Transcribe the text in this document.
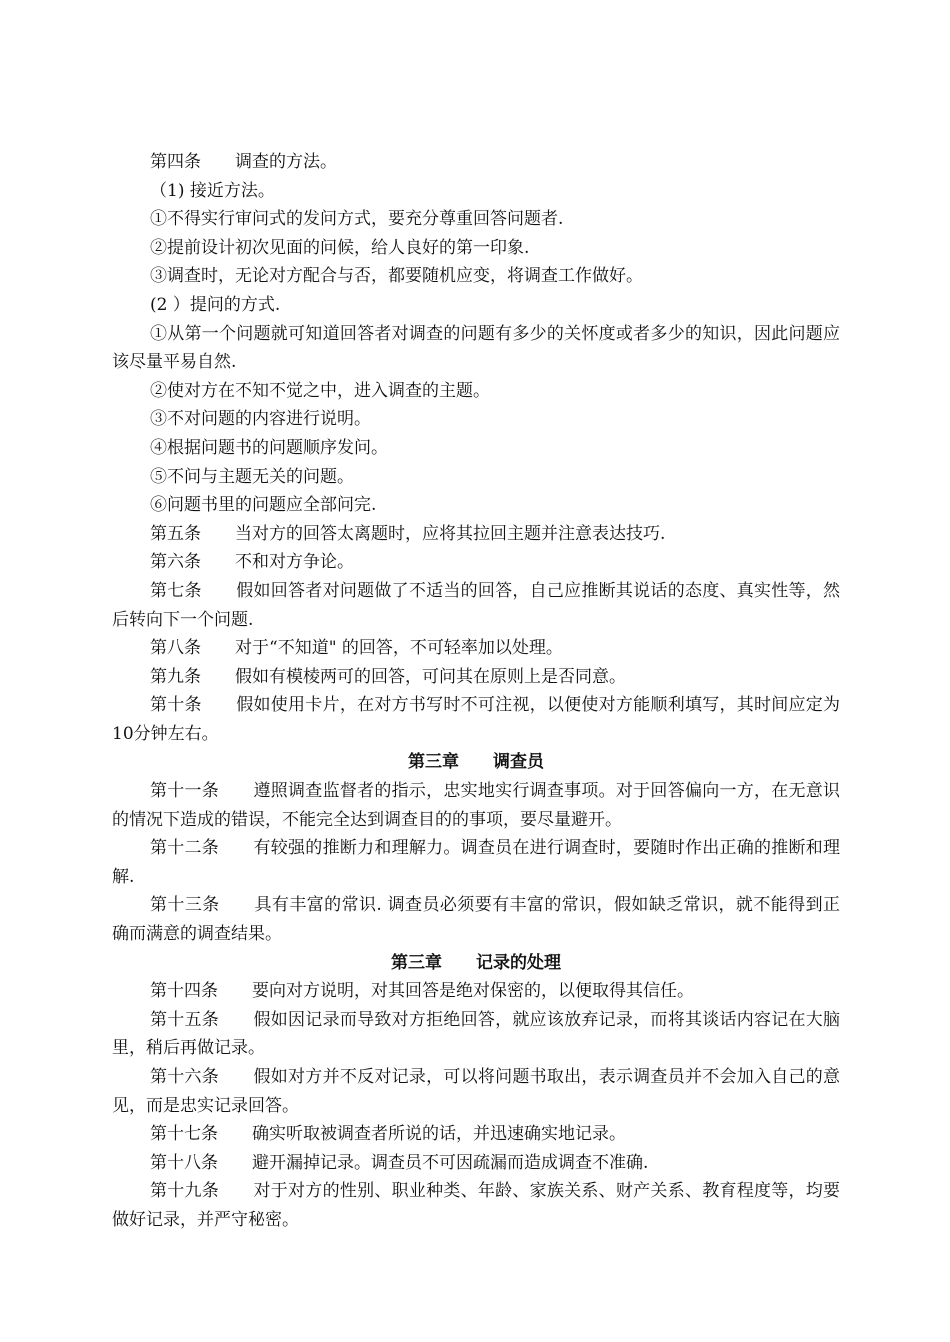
第四条　　调查的方法。

（1) 接近方法。

①不得实行审问式的发问方式，要充分尊重回答问题者.

②提前设计初次见面的问候，给人良好的第一印象.

③调查时，无论对方配合与否，都要随机应变，将调查工作做好。

(2 ）提问的方式.

①从第一个问题就可知道回答者对调查的问题有多少的关怀度或者多少的知识，因此问题应该尽量平易自然.

②使对方在不知不觉之中，进入调查的主题。

③不对问题的内容进行说明。

④根据问题书的问题顺序发问。

⑤不问与主题无关的问题。

⑥问题书里的问题应全部问完.

第五条　　当对方的回答太离题时，应将其拉回主题并注意表达技巧.

第六条　　不和对方争论。

第七条　　假如回答者对问题做了不适当的回答，自己应推断其说话的态度、真实性等，然后转向下一个问题.

第八条　　对于“不知道" 的回答，不可轻率加以处理。

第九条　　假如有模棱两可的回答，可问其在原则上是否同意。

第十条　　假如使用卡片，在对方书写时不可注视，以便使对方能顺利填写，其时间应定为10分钟左右。

第三章　　调查员

第十一条　　遵照调查监督者的指示，忠实地实行调查事项。对于回答偏向一方，在无意识的情况下造成的错误，不能完全达到调查目的的事项，要尽量避开。

第十二条　　有较强的推断力和理解力。调查员在进行调查时，要随时作出正确的推断和理解.

第十三条　　具有丰富的常识. 调查员必须要有丰富的常识，假如缺乏常识，就不能得到正确而满意的调查结果。

第三章　　记录的处理

第十四条　　要向对方说明，对其回答是绝对保密的，以便取得其信任。

第十五条　　假如因记录而导致对方拒绝回答，就应该放弃记录，而将其谈话内容记在大脑里，稍后再做记录。

第十六条　　假如对方并不反对记录，可以将问题书取出，表示调查员并不会加入自己的意见，而是忠实记录回答。

第十七条　　确实听取被调查者所说的话，并迅速确实地记录。

第十八条　　避开漏掉记录。调查员不可因疏漏而造成调查不准确.

第十九条　　对于对方的性别、职业种类、年龄、家族关系、财产关系、教育程度等，均要做好记录，并严守秘密。
